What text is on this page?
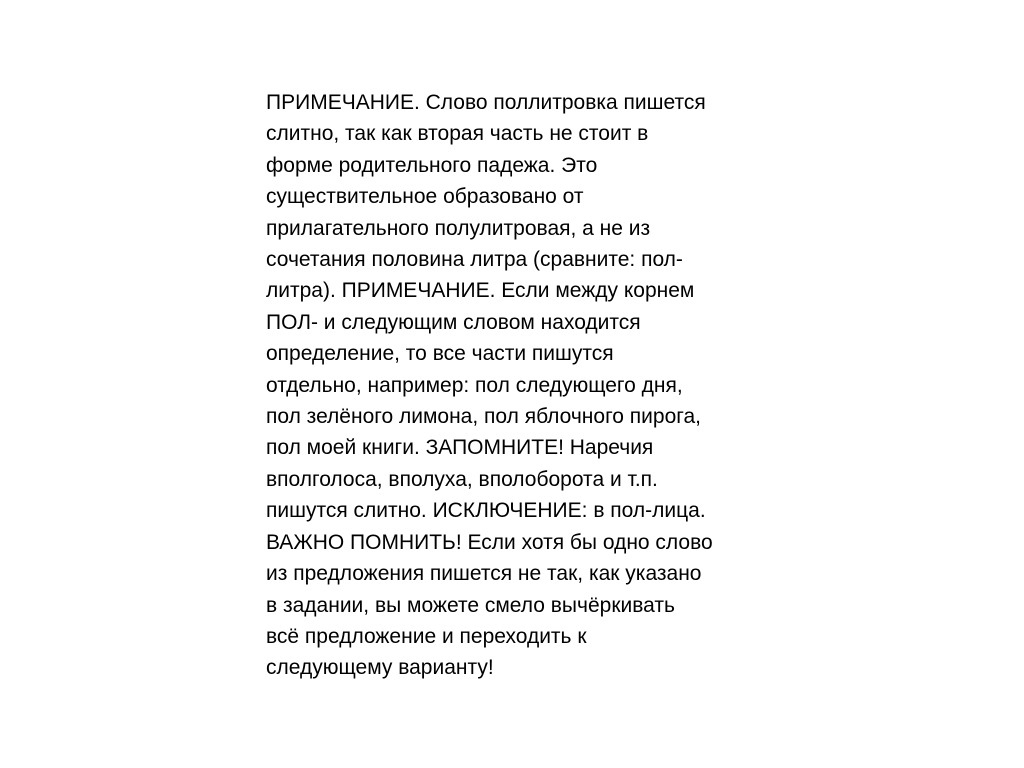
ПРИМЕЧАНИЕ. Слово поллитровка пишется
слитно, так как вторая часть не стоит в
форме родительного падежа. Это
существительное образовано от
прилагательного полулитровая, а не из
сочетания половина литра (сравните: пол-
литра). ПРИМЕЧАНИЕ. Если между корнем
ПОЛ- и следующим словом находится
определение, то все части пишутся
отдельно, например: пол следующего дня,
пол зелёного лимона, пол яблочного пирога,
пол моей книги. ЗАПОМНИТЕ! Наречия
вполголоса, вполуха, вполоборота и т.п.
пишутся слитно. ИСКЛЮЧЕНИЕ: в пол-лица.
ВАЖНО ПОМНИТЬ! Если хотя бы одно слово
из предложения пишется не так, как указано
в задании, вы можете смело вычёркивать
всё предложение и переходить к
следующему варианту!
